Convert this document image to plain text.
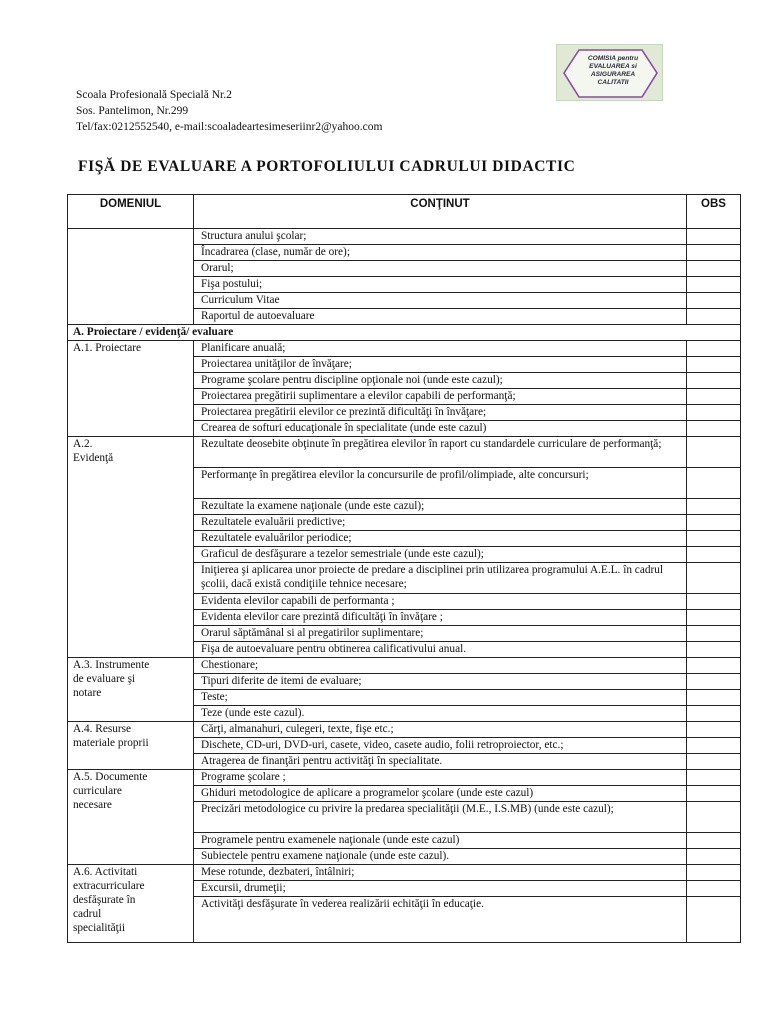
COMISIA pentru
EVALUAREA si
ASIGURAREA
CALITATII
Scoala Profesională Specială Nr.2
Sos. Pantelimon, Nr.299
Tel/fax:0212552540, e-mail:scoaladeartesimeseriinr2@yahoo.com
FIŞĂ DE EVALUARE A PORTOFOLIULUI CADRULUI DIDACTIC
DOMENIUL	CONŢINUT	OBS
	Structura anului şcolar;	
	Încadrarea (clase, număr de ore);	
	Orarul;	
	Fişa postului;	
	Curriculum Vitae	
	Raportul de autoevaluare	
A. Proiectare / evidenţă/ evaluare		

A.1. Proiectare	Planificare anuală;	
	Proiectarea unităţilor de învăţare;	
	Programe şcolare pentru discipline opţionale noi (unde este cazul);	
	Proiectarea pregătirii suplimentare a elevilor capabili de performanţă;	
	Proiectarea pregătirii elevilor ce prezintă dificultăţi în învăţare;	
	Crearea de softuri educaţionale în specialitate (unde este cazul)	

A.2.
Evidenţă	Rezultate deosebite obţinute în pregătirea elevilor în raport cu standardele curriculare de performanţă;	
	Performanţe în pregătirea elevilor la concursurile de profil/olimpiade, alte concursuri;	
	Rezultate la examene naţionale (unde este cazul);	
	Rezultatele evaluării predictive;	
	Rezultatele evaluărilor periodice;	
	Graficul de desfăşurare a tezelor semestriale (unde este cazul);	
	Iniţierea şi aplicarea unor proiecte de predare a disciplinei prin utilizarea programului A.E.L. în cadrul şcolii, dacă există condiţiile tehnice necesare;	
	Evidenta elevilor capabili de performanta ;	
	Evidenta elevilor care prezintă dificultăţi în învăţare ;	
	Orarul săptămânal si al pregatirilor suplimentare;	
	Fişa de autoevaluare pentru obtinerea calificativului anual.	

A.3. Instrumente
de evaluare şi
notare	Chestionare;	
	Tipuri diferite de itemi de evaluare;	
	Teste;	
	Teze (unde este cazul).	

A.4. Resurse
materiale proprii	Cărţi, almanahuri, culegeri, texte, fişe etc.;	
	Dischete, CD-uri, DVD-uri, casete, video, casete audio, folii retroproiector, etc.;	
	Atragerea de finanţări pentru activităţi în specialitate.	

A.5. Documente
curriculare
necesare	Programe şcolare ;	
	Ghiduri metodologice de aplicare a programelor şcolare (unde este cazul)	
	Precizări metodologice cu privire la predarea specialităţii (M.E., I.S.MB) (unde este cazul);	
	Programele pentru examenele naţionale (unde este cazul)	
	Subiectele pentru examene naţionale (unde este cazul).	

A.6. Activitati
extracurriculare
desfăşurate în
cadrul
specialităţii	Mese rotunde, dezbateri, întâlniri;	
	Excursii, drumeţii;	
	Activităţi desfăşurate în vederea realizării echităţii în educaţie.	
